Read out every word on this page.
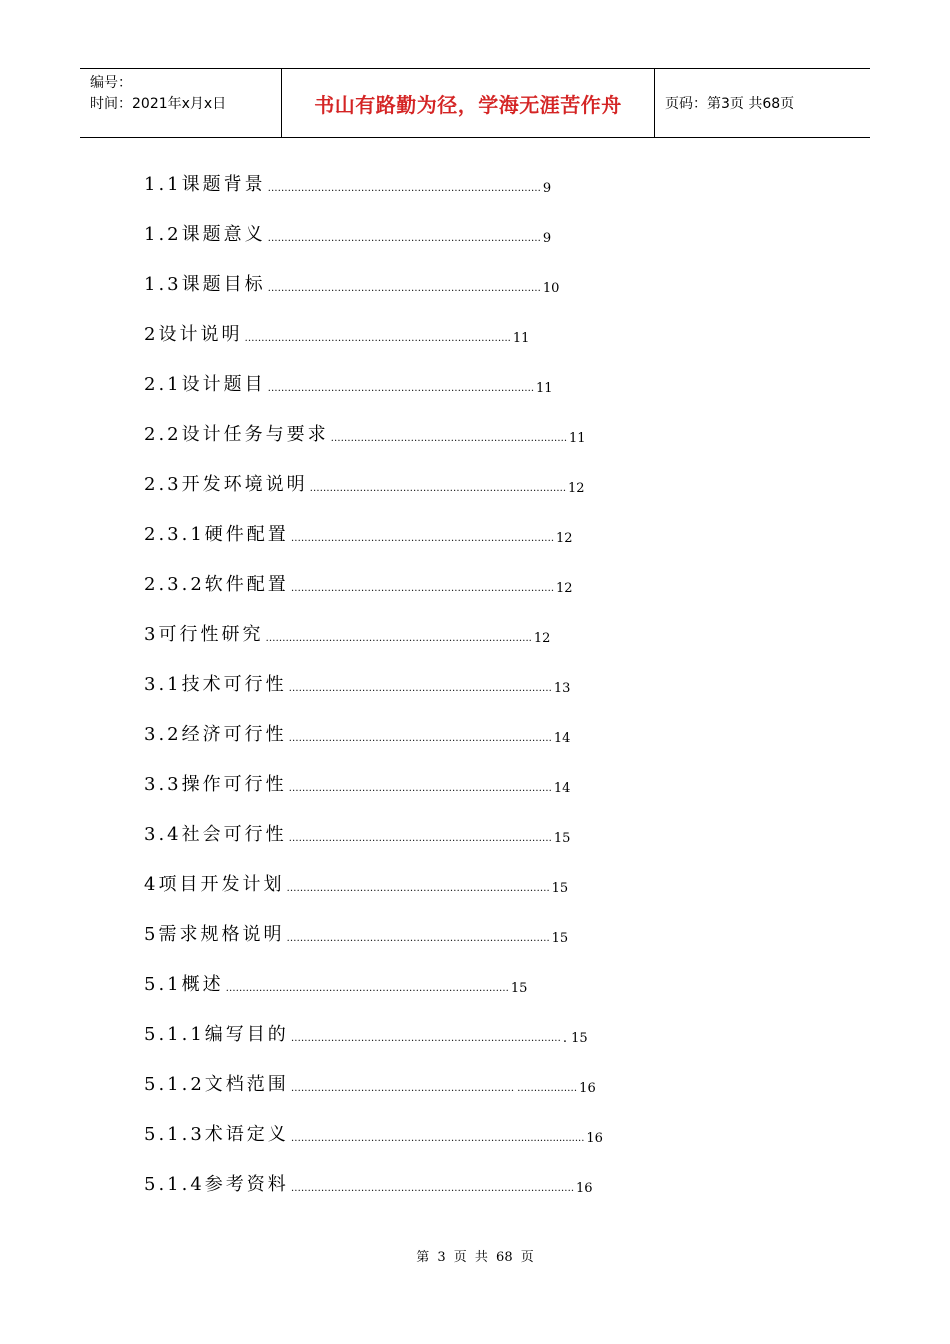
编号：
时间：2021年x月x日	书山有路勤为径，学海无涯苦作舟	页码：第3页 共68页
1.1课题背景 ………………………………………………………………………. 9
1.2课题意义 ………………………………………………………………………. 9
1.3课题目标 ………………………………………………………………………. 10
2设计说明 …………………………………………………………………….. 11
2.1设计题目 …………………………………………………………………….. 11
2.2设计任务与要求 …………………………………………………………….. 11
2.3开发环境说明 ………………………………………………………………….. 12
2.3.1硬件配置 ……………………………………………………………………. 12
2.3.2软件配置 ……………………………………………………………………. 12
3可行性研究 …………………………………………………………………….. 12
3.1技术可行性 ……………………………………………………………………. 13
3.2经济可行性 ……………………………………………………………………. 14
3.3操作可行性 ……………………………………………………………………. 14
3.4社会可行性 ……………………………………………………………………. 15
4项目开发计划 ……………………………………………………………………. 15
5需求规格说明 ……………………………………………………………………. 15
5.1概述 …………………………………………………………………………. 15
5.1.1编写目的 ……………………………………………………………………… . 15
5.1.2文档范围 …………………………………………………………. ……………… 16
5.1.3术语定义 …………………………………………………………….................... 16
5.1.4参考资料 …………………………………………………………………………. 16
第 3 页 共 68 页
